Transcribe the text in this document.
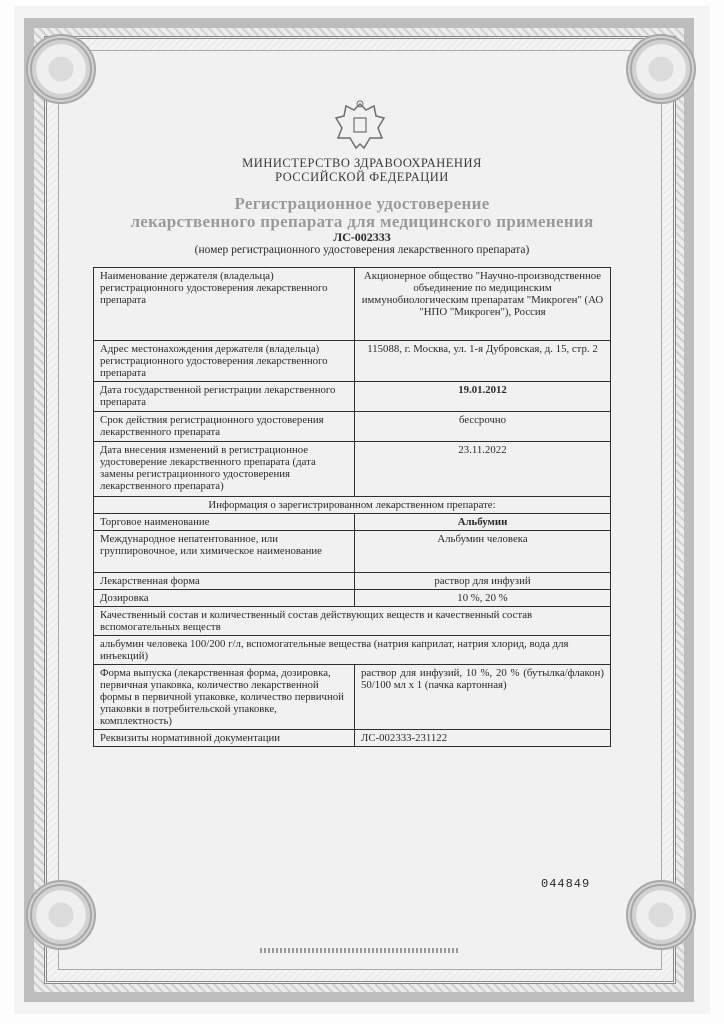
МИНИСТЕРСТВО ЗДРАВООХРАНЕНИЯ
РОССИЙСКОЙ ФЕДЕРАЦИИ
Регистрационное удостоверение
лекарственного препарата для медицинского применения
ЛС-002333
(номер регистрационного удостоверения лекарственного препарата)
Наименование держателя (владельца) регистрационного удостоверения лекарственного препарата	Акционерное общество "Научно-производственное объединение по медицинским иммунобиологическим препаратам "Микроген" (АО "НПО "Микроген"), Россия
Адрес местонахождения держателя (владельца) регистрационного удостоверения лекарственного препарата	115088, г. Москва, ул. 1-я Дубровская, д. 15, стр. 2
Дата государственной регистрации лекарственного препарата	19.01.2012
Срок действия регистрационного удостоверения лекарственного препарата	бессрочно
Дата внесения изменений в регистрационное удостоверение лекарственного препарата (дата замены регистрационного удостоверения лекарственного препарата)	23.11.2022
Информация о зарегистрированном лекарственном препарате:	
Торговое наименование	Альбумин
Международное непатентованное, или группировочное, или химическое наименование	Альбумин человека
Лекарственная форма	раствор для инфузий
Дозировка	10 %, 20 %
Качественный состав и количественный состав действующих веществ и качественный состав вспомогательных веществ	
альбумин человека 100/200 г/л, вспомогательные вещества (натрия каприлат, натрия хлорид, вода для инъекций)	
Форма выпуска (лекарственная форма, дозировка, первичная упаковка, количество лекарственной формы в первичной упаковке, количество первичной упаковки в потребительской упаковке, комплектность)	раствор для инфузий, 10 %, 20 % (бутылка/флакон) 50/100 мл х 1 (пачка картонная)
Реквизиты нормативной документации	ЛС-002333-231122
044849
